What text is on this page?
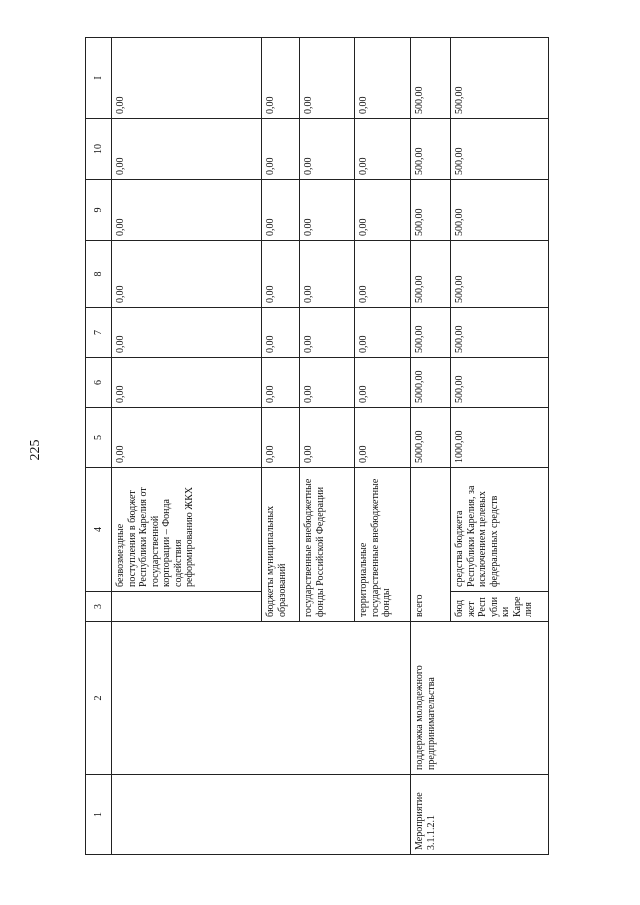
225
1	2	3	4	5	6	7	8	9	10	I
			безвозмездные поступления в бюджет Республики Карелия от государственной корпорации – Фонда содействия реформированию ЖКХ	0,00	0,00	0,00	0,00	0,00	0,00	0,00
		бюджеты муниципальных образований		0,00	0,00	0,00	0,00	0,00	0,00	0,00
		государственные внебюджетные фонды Российской Федерации		0,00	0,00	0,00	0,00	0,00	0,00	0,00
		территориальные государственные внебюджетные фонды		0,00	0,00	0,00	0,00	0,00	0,00	0,00
Мероприятие 3.1.1.2.1	поддержка молодежного предпринимательства	всего		5000,00	5000,00	500,00	500,00	500,00	500,00	500,00
		бюджет Республики Карелия	средства бюджета Республики Карелия, за исключением целевых федеральных средств	1000,00	500,00	500,00	500,00	500,00	500,00	500,00
